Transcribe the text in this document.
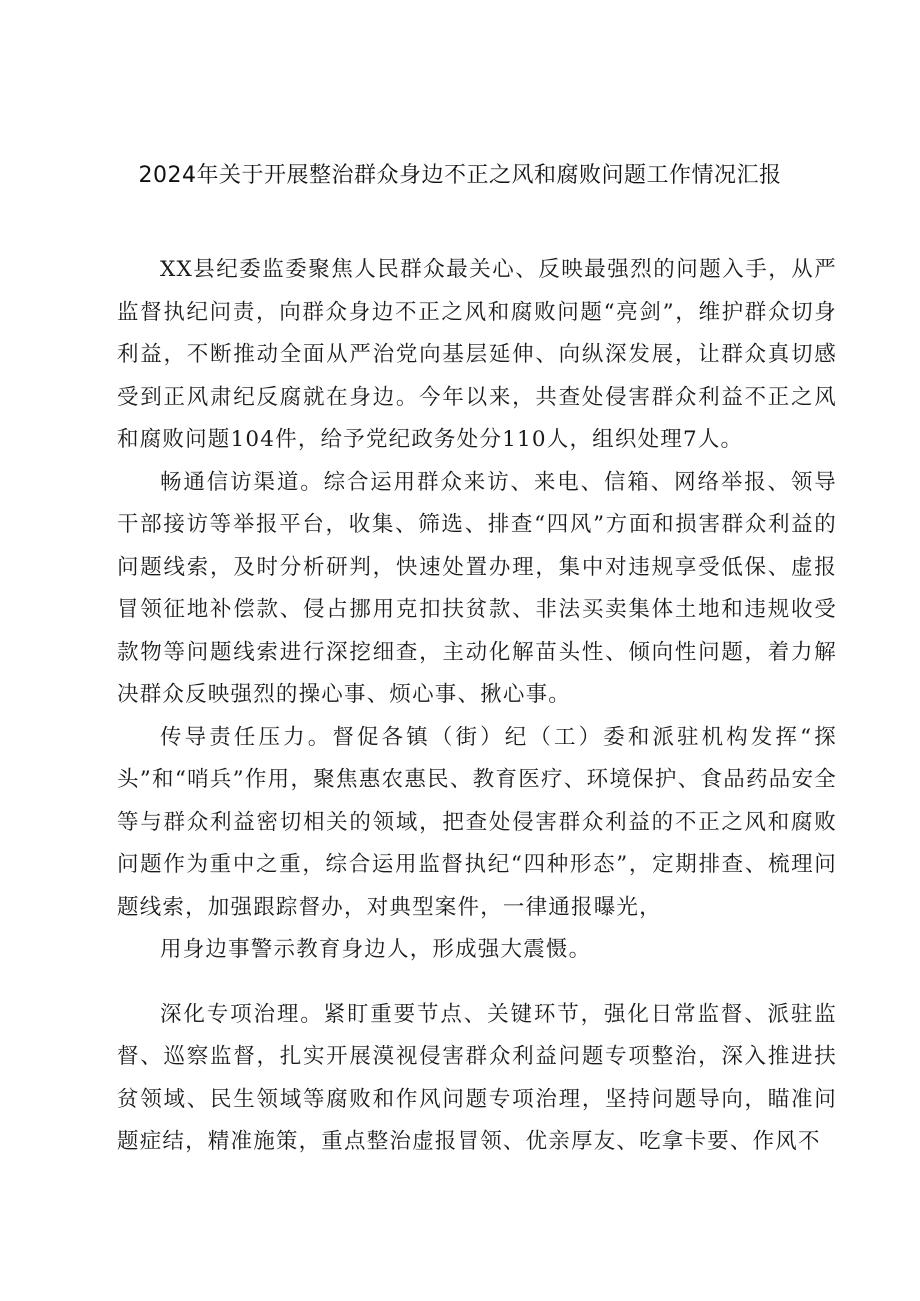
2024年关于开展整治群众身边不正之风和腐败问题工作情况汇报

XX县纪委监委聚焦人民群众最关心、反映最强烈的问题入手，从严监督执纪问责，向群众身边不正之风和腐败问题“亮剑”，维护群众切身利益，不断推动全面从严治党向基层延伸、向纵深发展，让群众真切感受到正风肃纪反腐就在身边。今年以来，共查处侵害群众利益不正之风和腐败问题104件，给予党纪政务处分110人，组织处理7人。

畅通信访渠道。综合运用群众来访、来电、信箱、网络举报、领导干部接访等举报平台，收集、筛选、排查“四风”方面和损害群众利益的问题线索，及时分析研判，快速处置办理，集中对违规享受低保、虚报冒领征地补偿款、侵占挪用克扣扶贫款、非法买卖集体土地和违规收受款物等问题线索进行深挖细查，主动化解苗头性、倾向性问题，着力解决群众反映强烈的操心事、烦心事、揪心事。

传导责任压力。督促各镇（街）纪（工）委和派驻机构发挥“探头”和“哨兵”作用，聚焦惠农惠民、教育医疗、环境保护、食品药品安全等与群众利益密切相关的领域，把查处侵害群众利益的不正之风和腐败问题作为重中之重，综合运用监督执纪“四种形态”，定期排查、梳理问题线索，加强跟踪督办，对典型案件，一律通报曝光，

用身边事警示教育身边人，形成强大震慑。

深化专项治理。紧盯重要节点、关键环节，强化日常监督、派驻监督、巡察监督，扎实开展漠视侵害群众利益问题专项整治，深入推进扶贫领域、民生领域等腐败和作风问题专项治理，坚持问题导向，瞄准问题症结，精准施策，重点整治虚报冒领、优亲厚友、吃拿卡要、作风不
